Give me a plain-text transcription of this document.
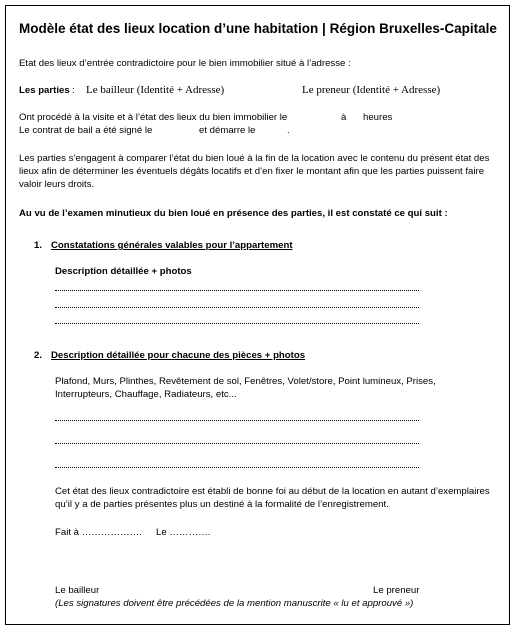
Modèle état des lieux location d’une habitation | Région Bruxelles-Capitale
Etat des lieux d’entrée contradictoire pour le bien immobilier situé à l’adresse :
Les parties : Le bailleur (Identité + Adresse)	Le preneur (Identité + Adresse)
Ont procédé à la visite et à l’état des lieux du bien immobilier le	à heures
Le contrat de bail a été signé le	et démarre le	.
Les parties s’engagent à comparer l’état du bien loué à la fin de la location avec le contenu du présent état des
lieux afin de déterminer les éventuels dégâts locatifs et d’en fixer le montant afin que les parties puissent faire
valoir leurs droits.
Au vu de l’examen minutieux du bien loué en présence des parties, il est constaté ce qui suit :
1. Constatations générales valables pour l’appartement
Description détaillée + photos
2. Description détaillée pour chacune des pièces + photos
Plafond, Murs, Plinthes, Revêtement de sol, Fenêtres, Volet/store, Point lumineux, Prises,
Interrupteurs, Chauffage, Radiateurs, etc...
Cet état des lieux contradictoire est établi de bonne foi au début de la location en autant d’exemplaires
qu’il y a de parties présentes plus un destiné à la formalité de l’enregistrement.
Fait à ………………. Le ………….
Le bailleur	Le preneur
(Les signatures doivent être précédées de la mention manuscrite « lu et approuvé »)
